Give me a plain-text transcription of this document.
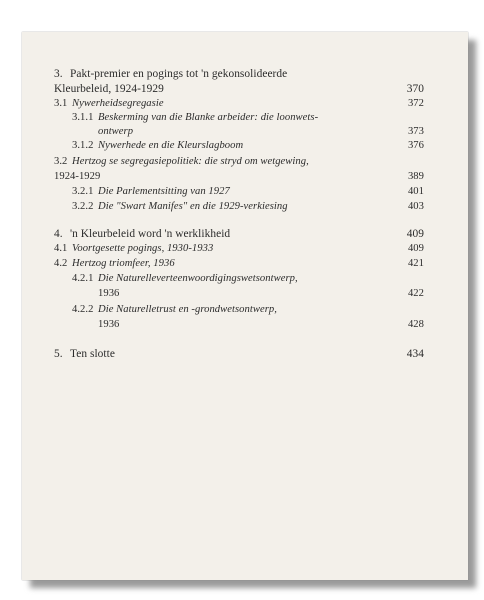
3. Pakt-premier en pogings tot 'n gekonsolideerde
Kleurbeleid, 1924-1929	370
3.1 Nywerheidsegregasie	372
3.1.1 Beskerming van die Blanke arbeider: die loonwets-
ontwerp	373
3.1.2 Nywerhede en die Kleurslagboom	376
3.2 Hertzog se segregasiepolitiek: die stryd om wetgewing,
1924-1929	389
3.2.1 Die Parlementsitting van 1927	401
3.2.2 Die "Swart Manifes" en die 1929-verkiesing	403
4. 'n Kleurbeleid word 'n werklikheid	409
4.1 Voortgesette pogings, 1930-1933	409
4.2 Hertzog triomfeer, 1936	421
4.2.1 Die Naturelleverteenwoordigingswetsontwerp,
1936	422
4.2.2 Die Naturelletrust en -grondwetsontwerp,
1936	428
5. Ten slotte	434
